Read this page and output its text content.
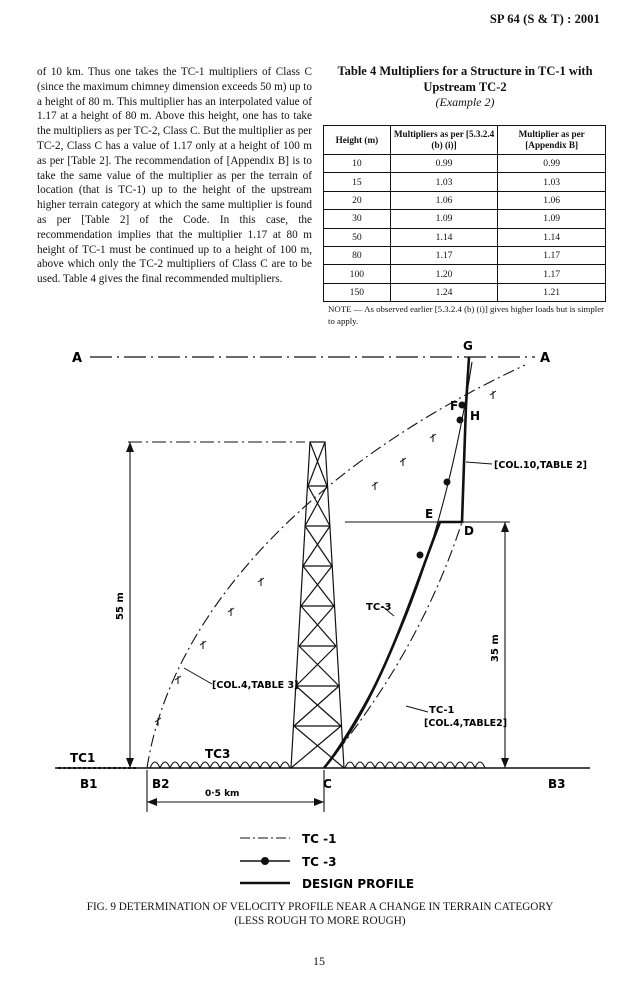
SP 64 (S & T) : 2001
of 10 km. Thus one takes the TC-1 multipliers of Class C (since the maximum chimney dimension exceeds 50 m) up to a height of 80 m. This multiplier has an interpolated value of 1.17 at a height of 80 m. Above this height, one has to take the multipliers as per TC-2, Class C. But the multiplier as per TC-2, Class C has a value of 1.17 only at a height of 100 m as per [Table 2]. The recommendation of [Appendix B] is to take the same value of the multiplier as per the terrain of location (that is TC-1) up to the height of the upstream higher terrain category at which the same multiplier is found as per [Table 2] of the Code. In this case, the recommendation implies that the multiplier 1.17 at 80 m height of TC-1 must be continued up to a height of 100 m, above which only the TC-2 multipliers of Class C are to be used. Table 4 gives the final recommended multipliers.
Table 4 Multipliers for a Structure in TC-1 with
Upstream TC-2
(Example 2)
Height (m)	Multipliers as per [5.3.2.4 (b) (i)]	Multiplier as per [Appendix B]
10	0.99	0.99
15	1.03	1.03
20	1.06	1.06
30	1.09	1.09
50	1.14	1.14
80	1.17	1.17
100	1.20	1.17
150	1.24	1.21
NOTE — As observed earlier [5.3.2.4 (b) (i)] gives higher loads but is simpler to apply.
A	A
55 m
TC1	TC3
B1	B2	C	B3
0·5 km
35 m
G
F
H
E
D
[COL.10,TABLE 2]
[COL.4,TABLE 3]
TC-3
TC-1
[COL.4,TABLE2]
TC -1
TC -3
DESIGN PROFILE
FIG. 9 DETERMINATION OF VELOCITY PROFILE NEAR A CHANGE IN TERRAIN CATEGORY
(LESS ROUGH TO MORE ROUGH)
15
